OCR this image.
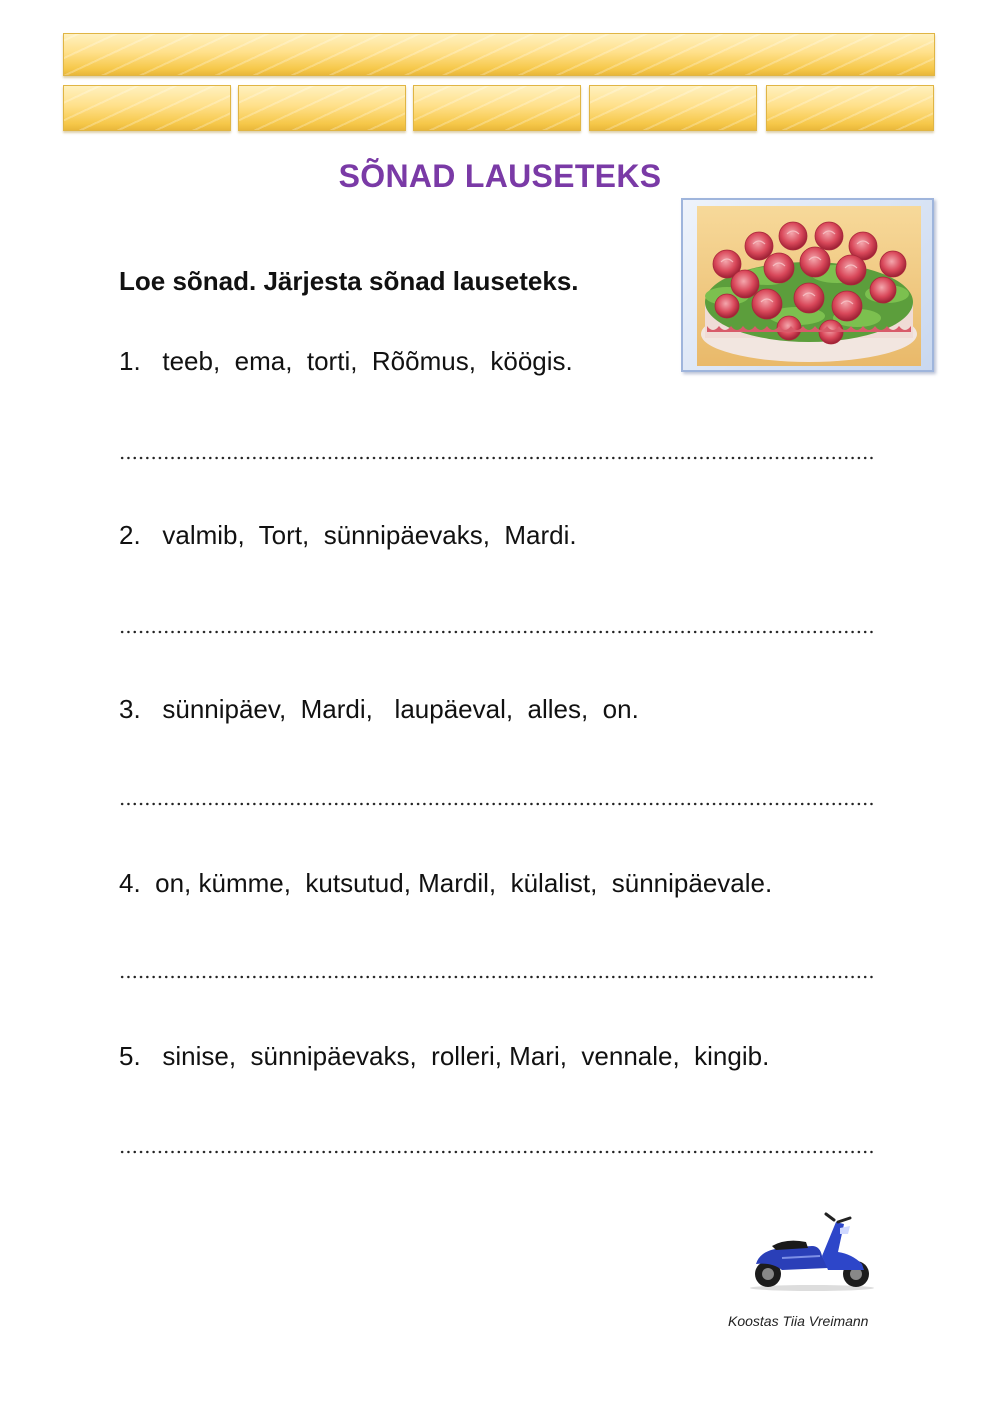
SÕNAD LAUSETEKS
Loe sõnad. Järjesta sõnad lauseteks.
1.   teeb,  ema,  torti,  Rõõmus,  köögis.
2.   valmib,  Tort,  sünnipäevaks,  Mardi.
3.   sünnipäev,  Mardi,   laupäeval,  alles,  on.
4.  on, kümme,  kutsutud, Mardil,  külalist,  sünnipäevale.
5.   sinise,  sünnipäevaks,  rolleri, Mari,  vennale,  kingib.
Koostas Tiia Vreimann
